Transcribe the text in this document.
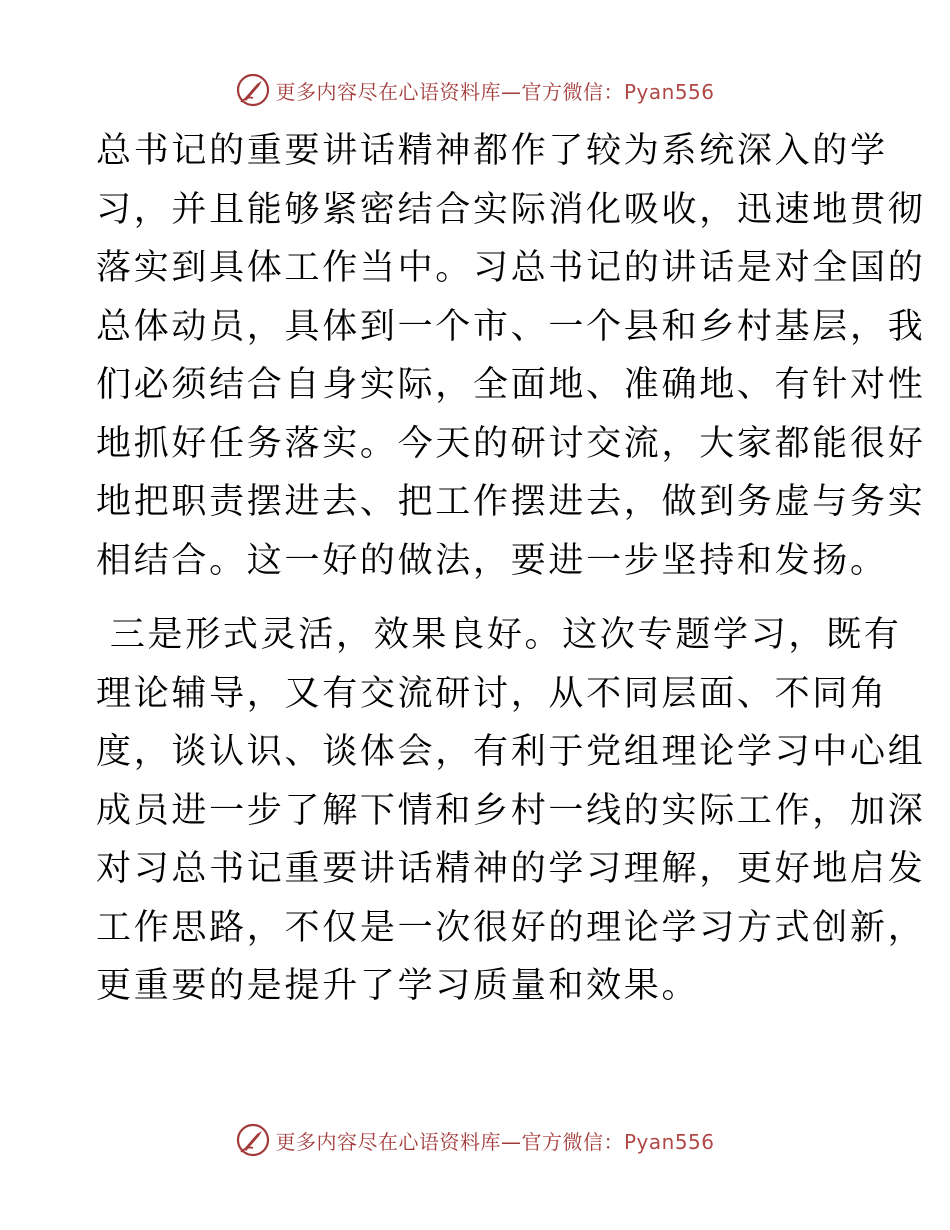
更多内容尽在心语资料库—官方微信：Pyan556
总书记的重要讲话精神都作了较为系统深入的学
习，并且能够紧密结合实际消化吸收，迅速地贯彻
落实到具体工作当中。习总书记的讲话是对全国的
总体动员，具体到一个市、一个县和乡村基层，我
们必须结合自身实际，全面地、准确地、有针对性
地抓好任务落实。今天的研讨交流，大家都能很好
地把职责摆进去、把工作摆进去，做到务虚与务实
相结合。这一好的做法，要进一步坚持和发扬。
三是形式灵活，效果良好。这次专题学习，既有
理论辅导，又有交流研讨，从不同层面、不同角
度，谈认识、谈体会，有利于党组理论学习中心组
成员进一步了解下情和乡村一线的实际工作，加深
对习总书记重要讲话精神的学习理解，更好地启发
工作思路，不仅是一次很好的理论学习方式创新，
更重要的是提升了学习质量和效果。
更多内容尽在心语资料库—官方微信：Pyan556
